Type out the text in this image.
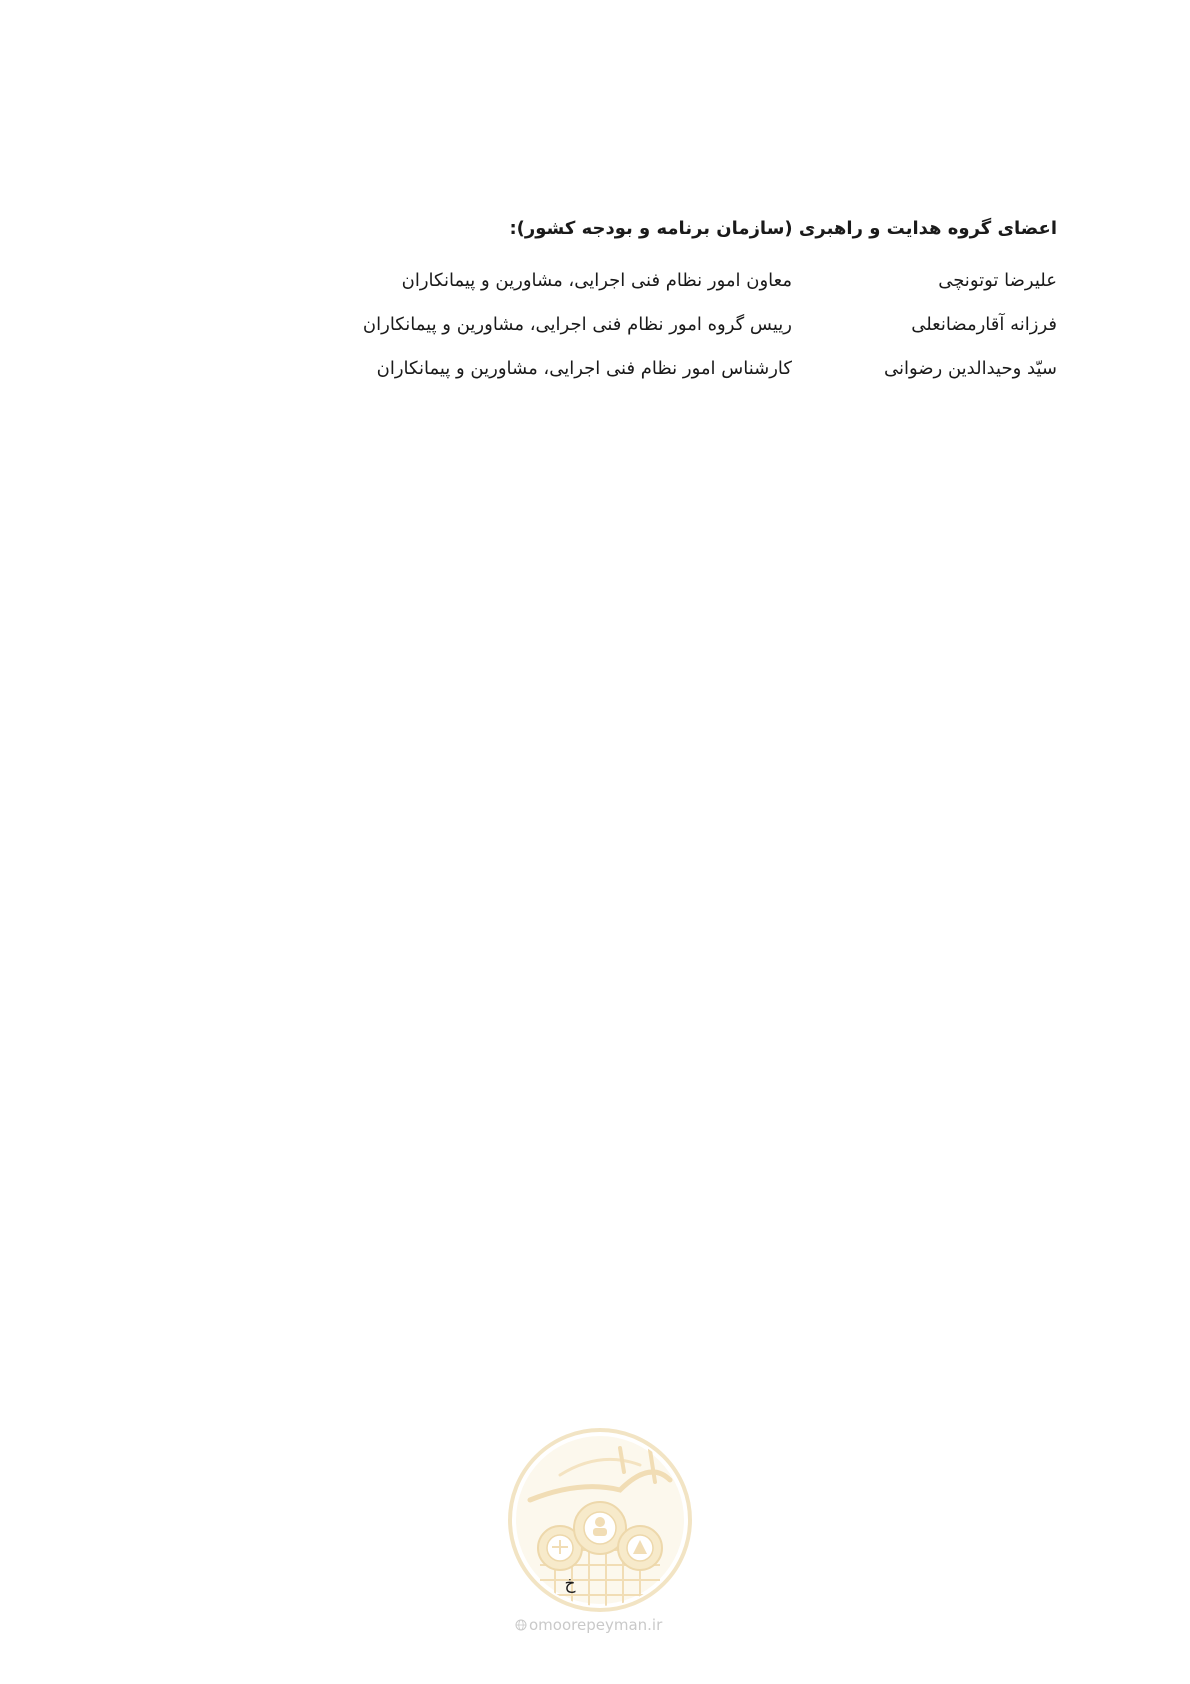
اعضای گروه هدایت و راهبری (سازمان برنامه و بودجه کشور):
علیرضا توتونچی
معاون امور نظام فنی اجرایی، مشاورین و پیمانکاران
فرزانه آقارمضانعلی
رییس گروه امور نظام فنی اجرایی، مشاورین و پیمانکاران
سیّد وحیدالدین رضوانی
کارشناس امور نظام فنی اجرایی، مشاورین و پیمانکاران
خ
omoorepeyman.ir
